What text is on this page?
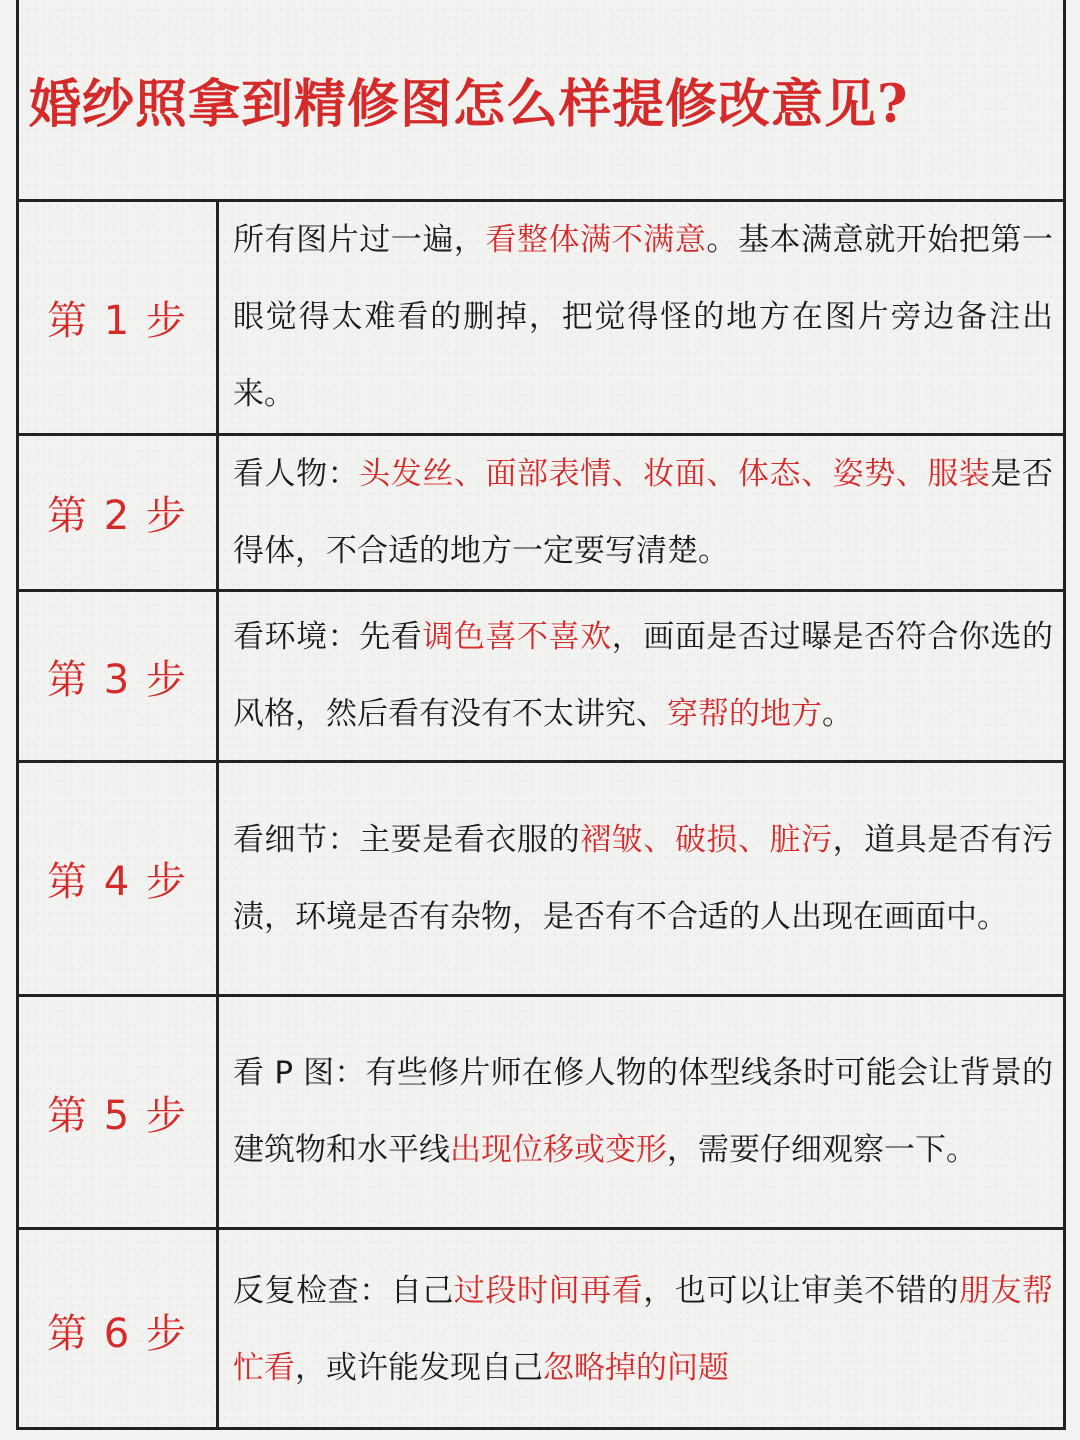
婚纱照拿到精修图怎么样提修改意见?
第 1 步

所有图片过一遍，看整体满不满意。基本满意就开始把第一眼觉得太难看的删掉，把觉得怪的地方在图片旁边备注出来。

第 2 步

看人物：头发丝、面部表情、妆面、体态、姿势、服装是否得体，不合适的地方一定要写清楚。

第 3 步

看环境：先看调色喜不喜欢，画面是否过曝是否符合你选的风格，然后看有没有不太讲究、穿帮的地方。

第 4 步

看细节：主要是看衣服的褶皱、破损、脏污，道具是否有污渍，环境是否有杂物，是否有不合适的人出现在画面中。

第 5 步

看 P 图：有些修片师在修人物的体型线条时可能会让背景的建筑物和水平线出现位移或变形，需要仔细观察一下。

第 6 步

反复检查：自己过段时间再看，也可以让审美不错的朋友帮忙看，或许能发现自己忽略掉的问题
